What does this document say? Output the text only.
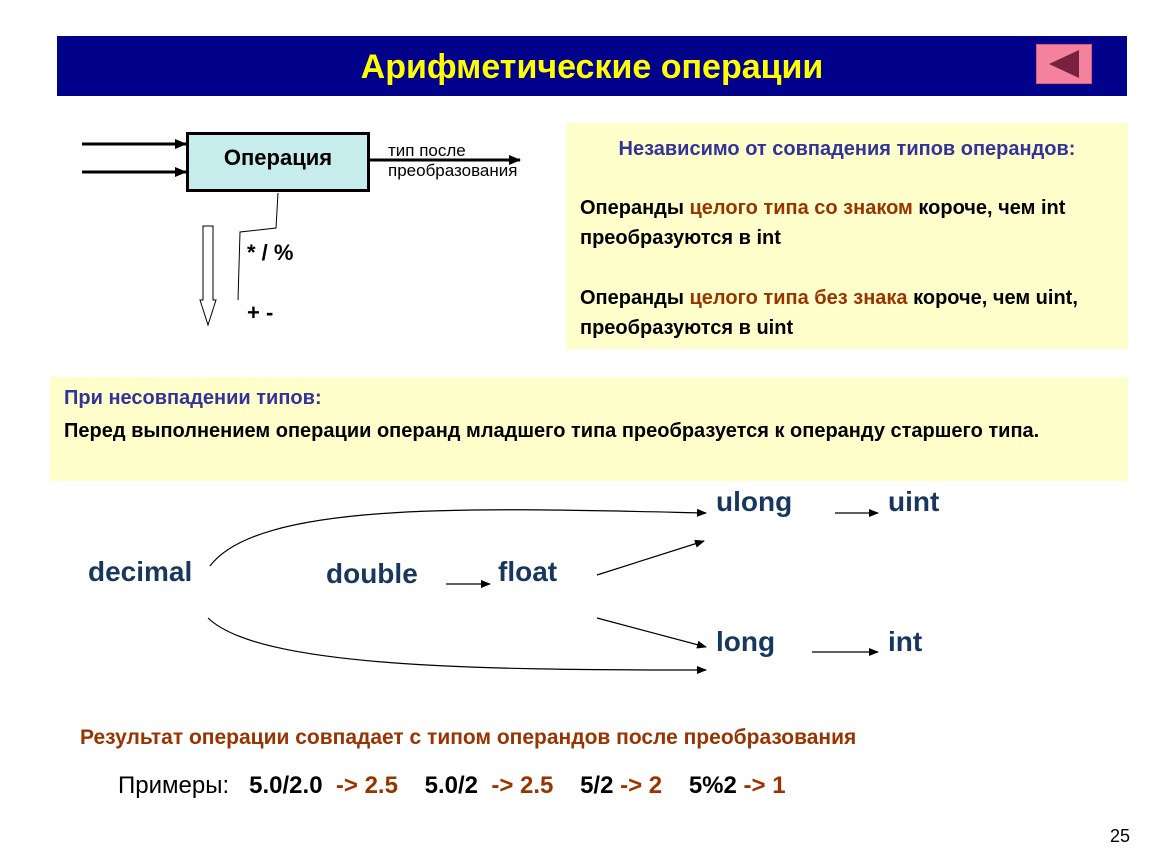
Арифметические операции
Операция	тип после преобразования
* / %
+ -
Независимо от совпадения типов операндов:
Операнды целого типа со знаком короче, чем int преобразуются в int
Операнды целого типа без знака короче, чем uint, преобразуются в uint
При несовпадении типов:
Перед выполнением операции операнд младшего типа преобразуется к операнду старшего типа.
decimal	double	float
ulong	uint
long	int
Результат операции совпадает с типом операндов после преобразования
Примеры: 5.0/2.0 -> 2.5 5.0/2 -> 2.5 5/2 -> 2 5%2 -> 1
25
